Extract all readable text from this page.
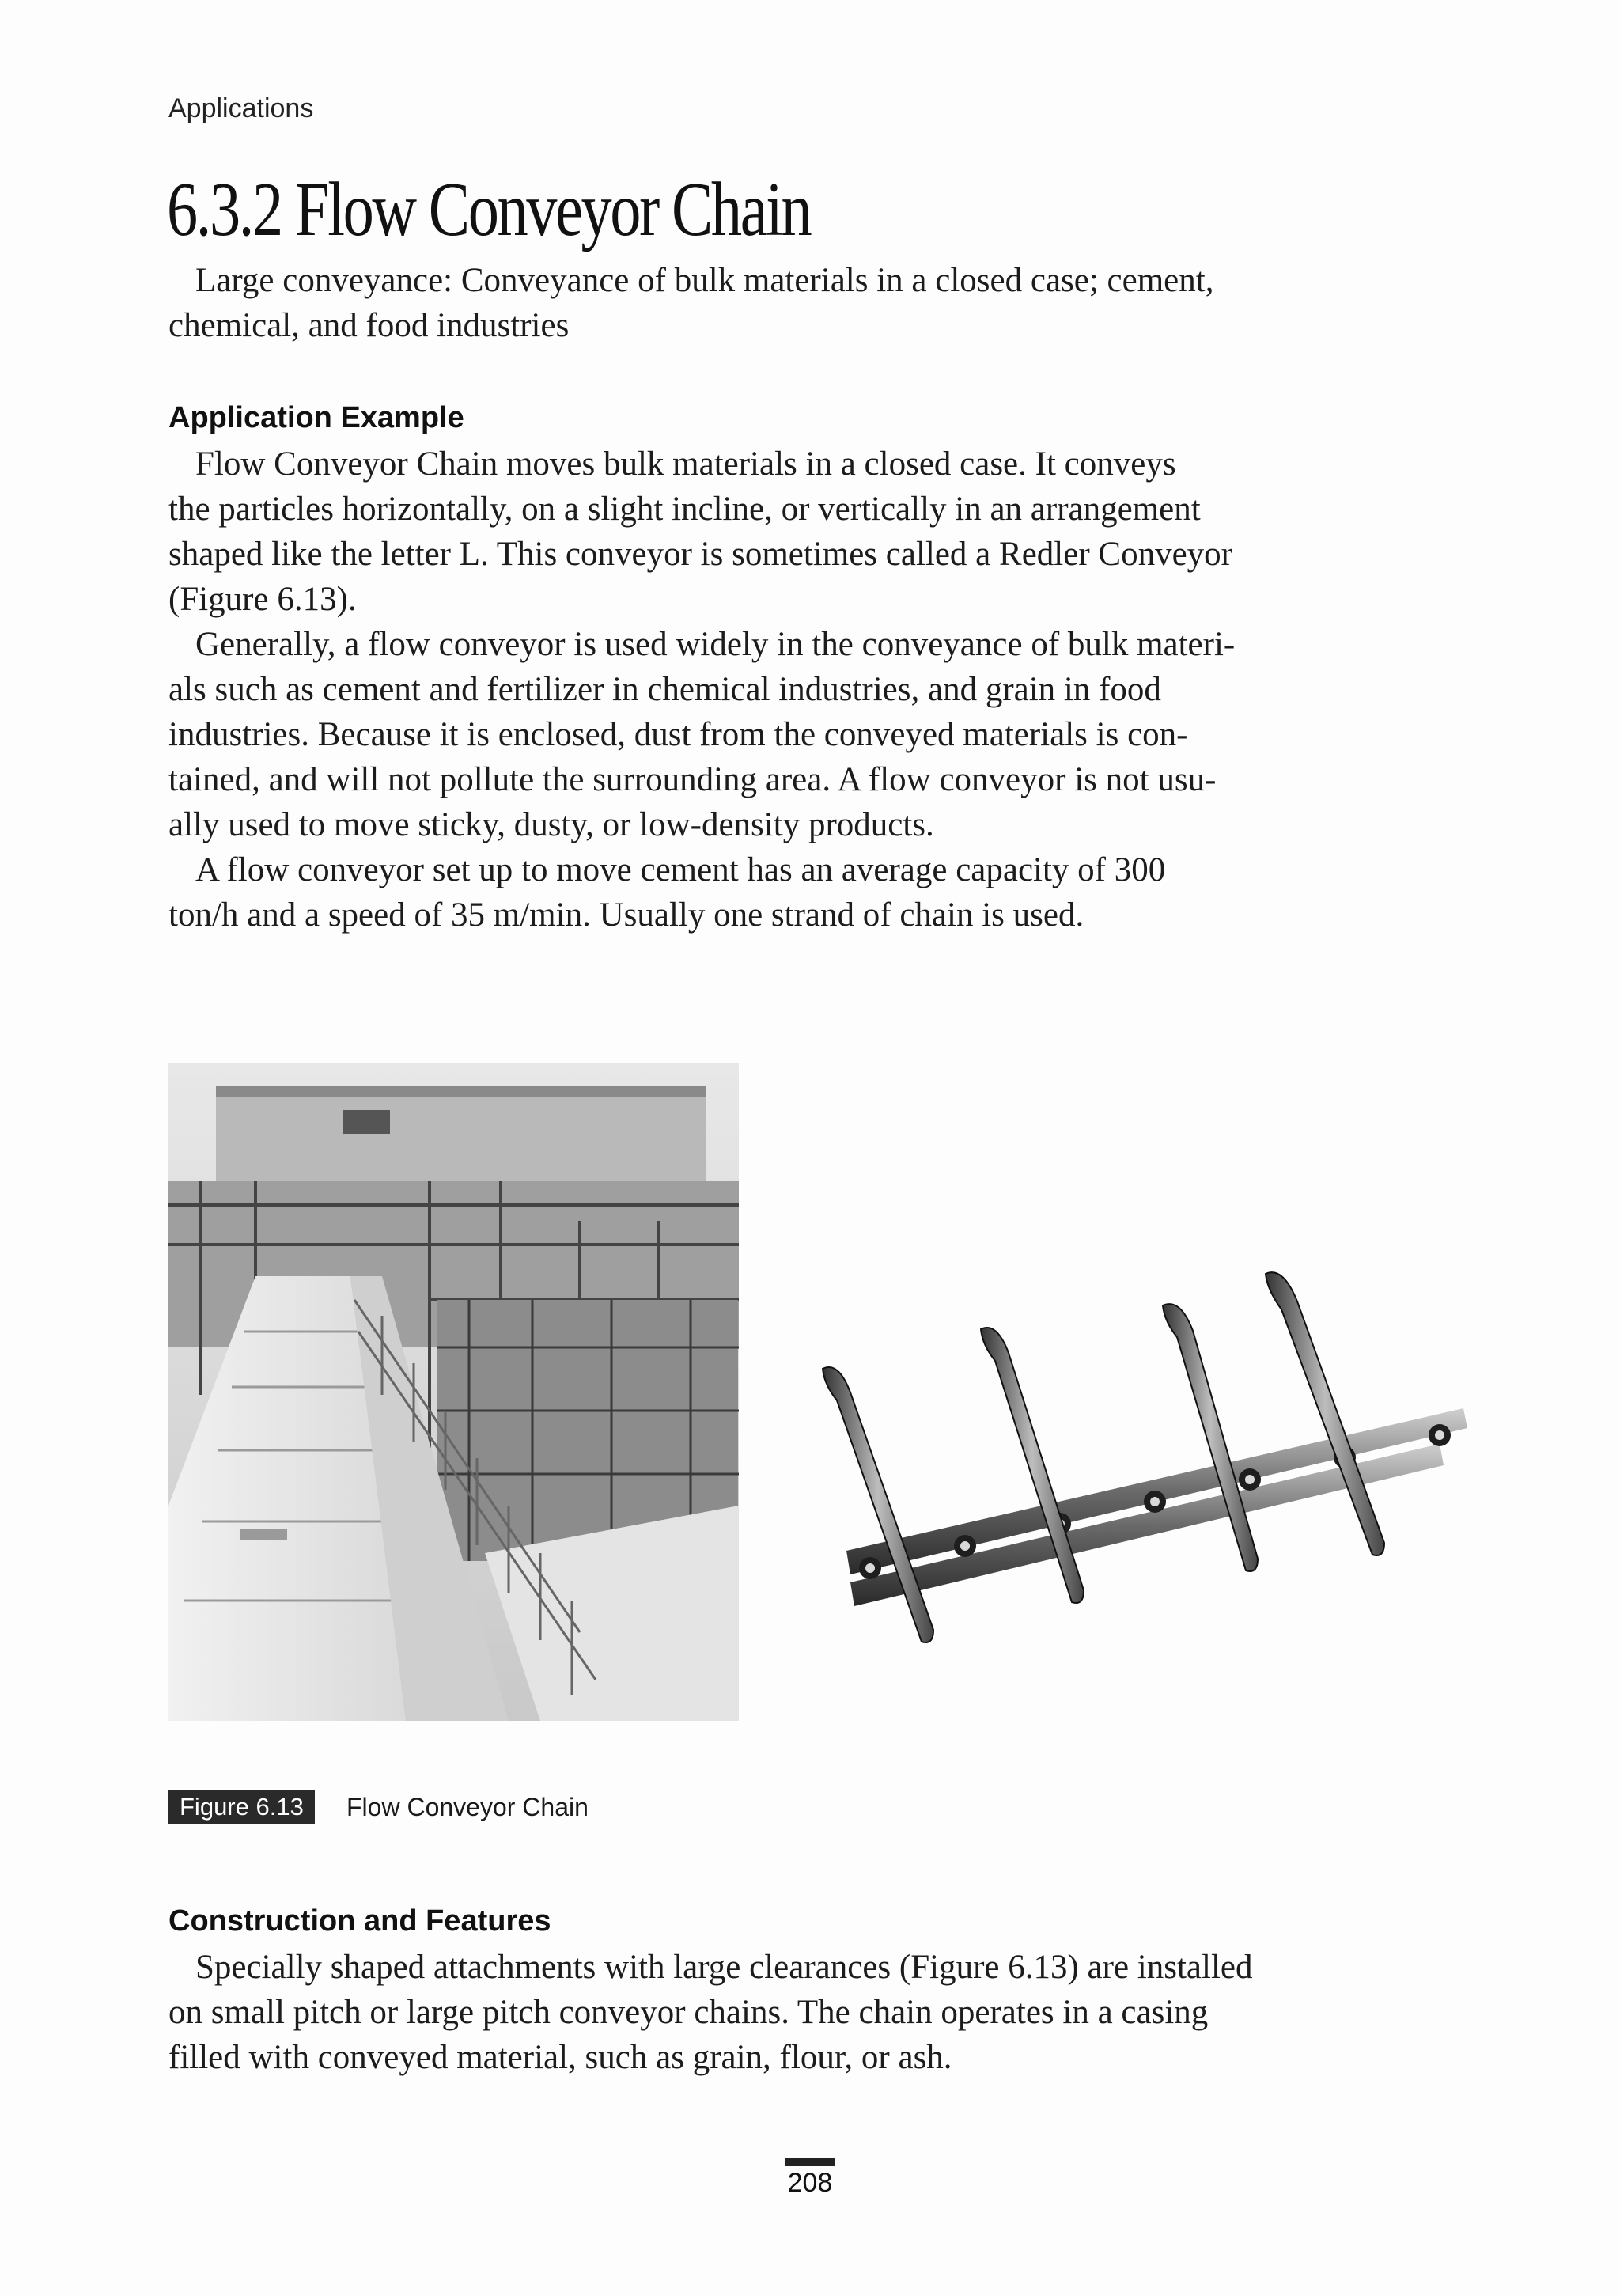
Applications
6.3.2 Flow Conveyor Chain

Large conveyance: Conveyance of bulk materials in a closed case; cement,
chemical, and food industries

Application Example

Flow Conveyor Chain moves bulk materials in a closed case. It conveys
the particles horizontally, on a slight incline, or vertically in an arrangement
shaped like the letter L. This conveyor is sometimes called a Redler Conveyor
(Figure 6.13).

Generally, a flow conveyor is used widely in the conveyance of bulk materi-
als such as cement and fertilizer in chemical industries, and grain in food
industries. Because it is enclosed, dust from the conveyed materials is con-
tained, and will not pollute the surrounding area. A flow conveyor is not usu-
ally used to move sticky, dusty, or low-density products.

A flow conveyor set up to move cement has an average capacity of 300
ton/h and a speed of 35 m/min. Usually one strand of chain is used.

Figure 6.13	Flow Conveyor Chain
Construction and Features

Specially shaped attachments with large clearances (Figure 6.13) are installed
on small pitch or large pitch conveyor chains. The chain operates in a casing
filled with conveyed material, such as grain, flour, or ash.

208
